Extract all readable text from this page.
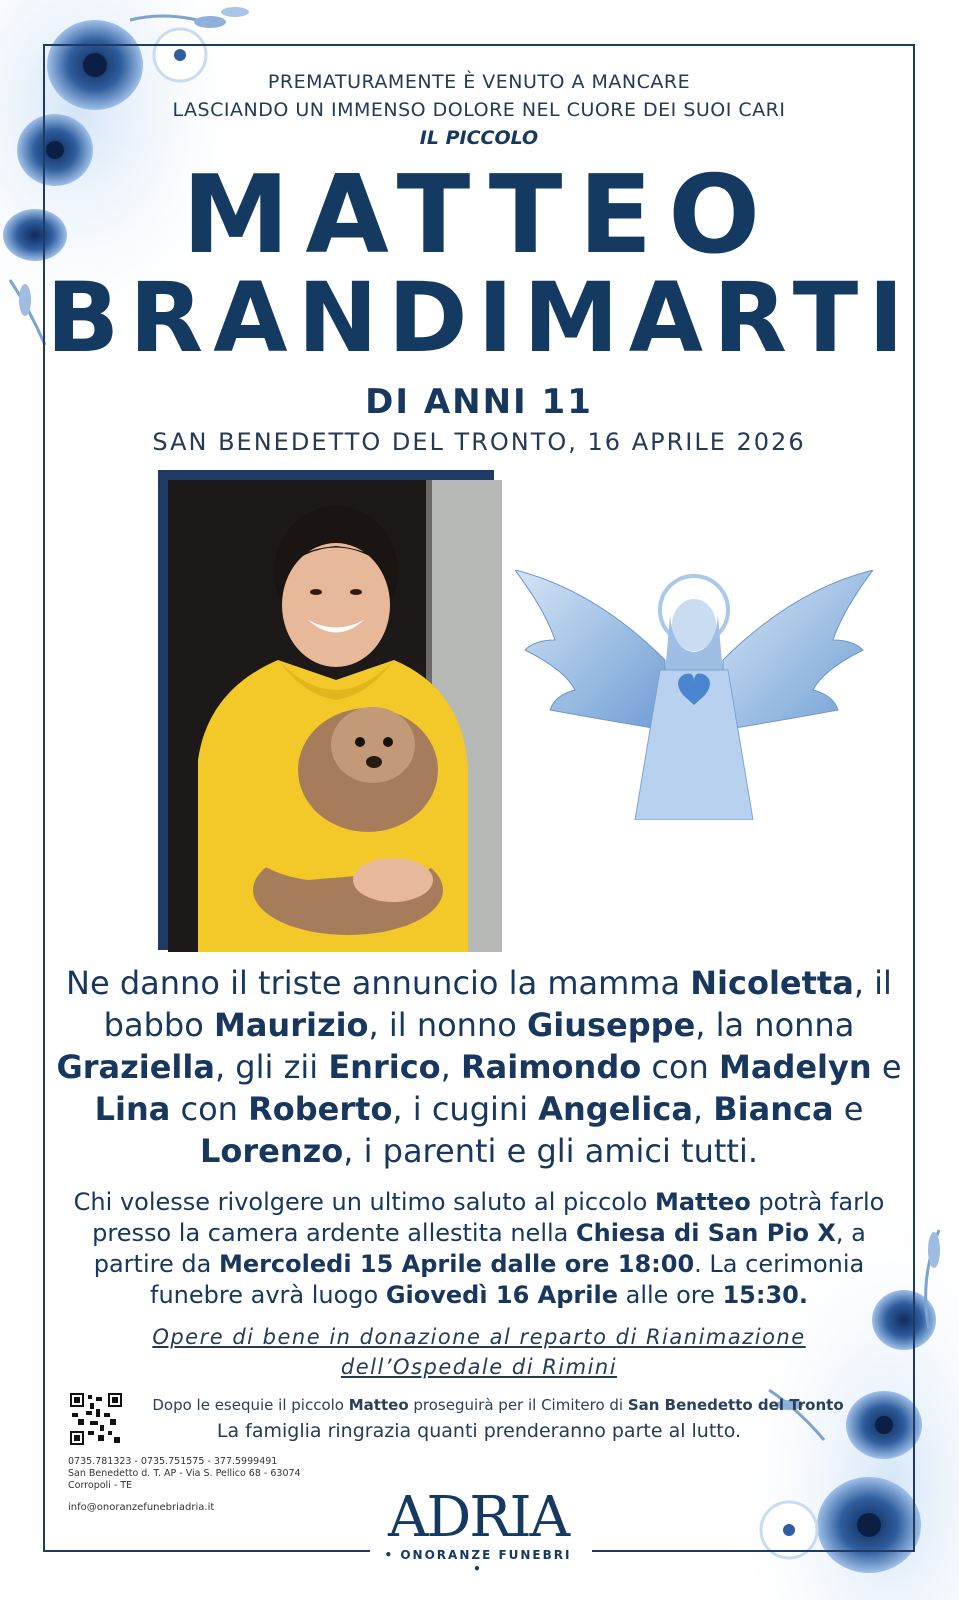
PREMATURAMENTE È VENUTO A MANCARE
LASCIANDO UN IMMENSO DOLORE NEL CUORE DEI SUOI CARI
IL PICCOLO
MATTEO
BRANDIMARTI
DI ANNI 11
SAN BENEDETTO DEL TRONTO, 16 APRILE 2026
Ne danno il triste annuncio la mamma Nicoletta, il babbo Maurizio, il nonno Giuseppe, la nonna Graziella, gli zii Enrico, Raimondo con Madelyn e Lina con Roberto, i cugini Angelica, Bianca e Lorenzo, i parenti e gli amici tutti.
Chi volesse rivolgere un ultimo saluto al piccolo Matteo potrà farlo presso la camera ardente allestita nella Chiesa di San Pio X, a partire da Mercoledi 15 Aprile dalle ore 18:00. La cerimonia funebre avrà luogo Giovedì 16 Aprile alle ore 15:30.
Opere di bene in donazione al reparto di Rianimazione
dell’Ospedale di Rimini
Dopo le esequie il piccolo Matteo proseguirà per il Cimitero di San Benedetto del Tronto
La famiglia ringrazia quanti prenderanno parte al lutto.
0735.781323 - 0735.751575 - 377.5999491
San Benedetto d. T. AP - Via S. Pellico 68 - 63074
Corropoli - TE
info@onoranzefunebriadria.it	ADRIA
• ONORANZE FUNEBRI •
